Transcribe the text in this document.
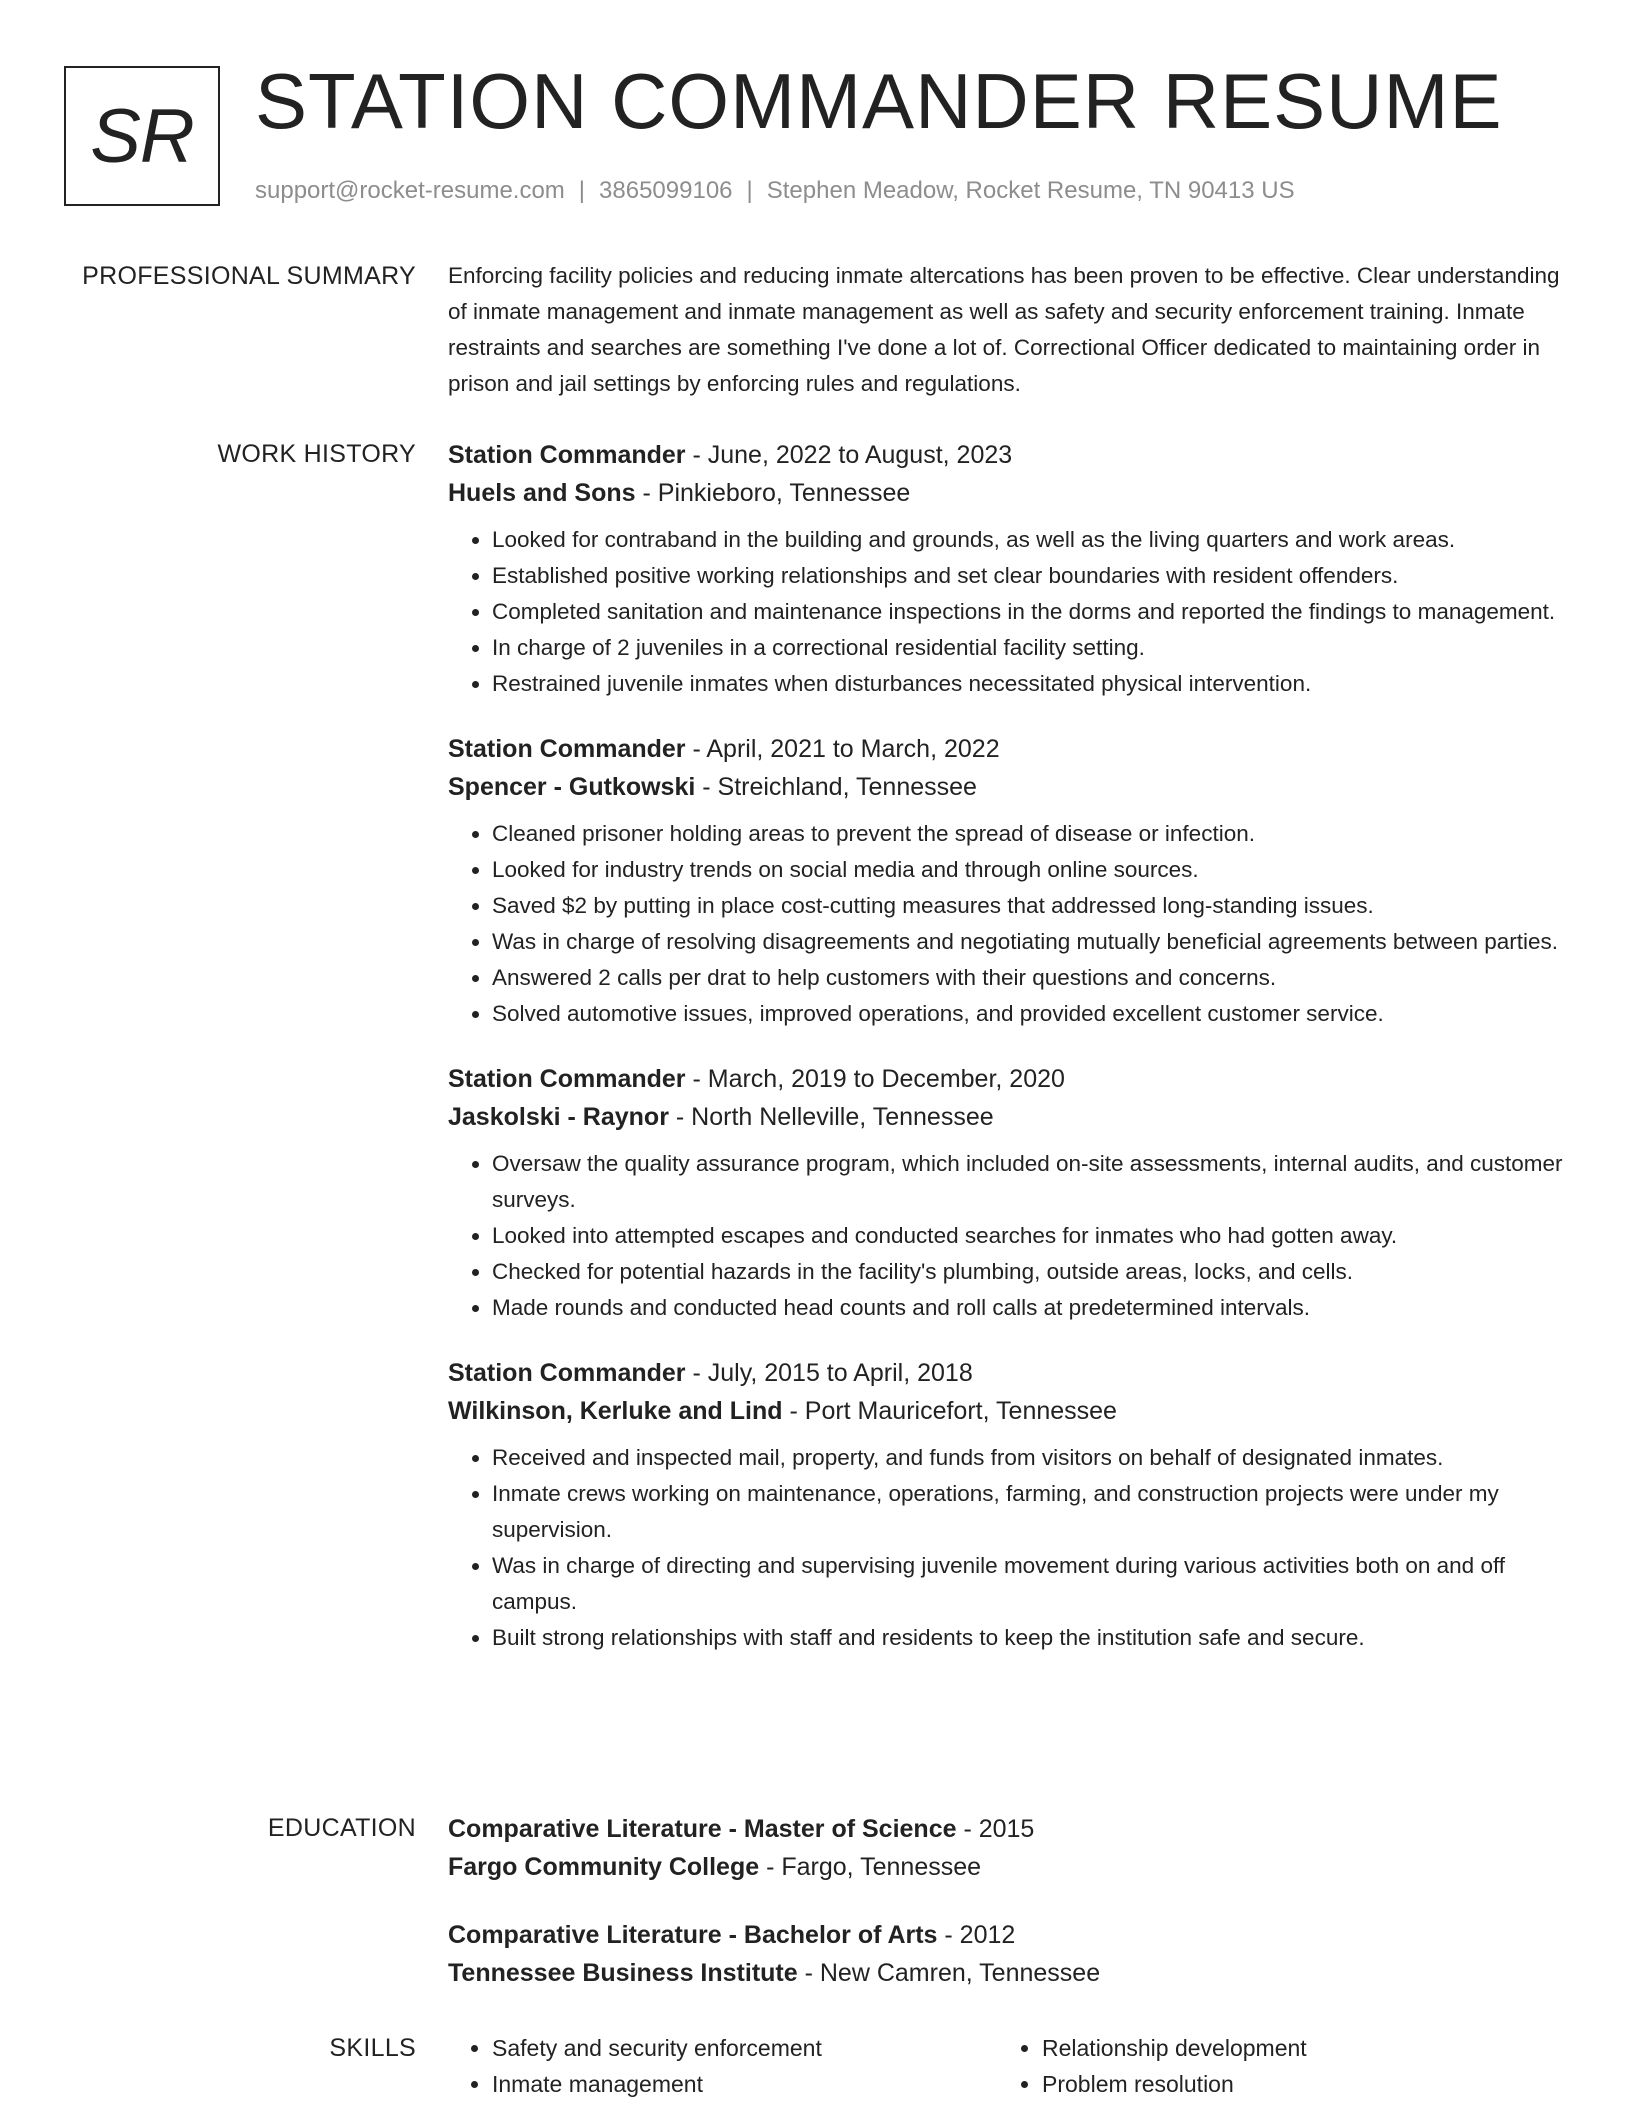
SR STATION COMMANDER RESUME
support@rocket-resume.com | 3865099106 | Stephen Meadow, Rocket Resume, TN 90413 US
PROFESSIONAL SUMMARY Enforcing facility policies and reducing inmate altercations has been proven to be effective. Clear understanding of inmate management and inmate management as well as safety and security enforcement training. Inmate restraints and searches are something I've done a lot of. Correctional Officer dedicated to maintaining order in prison and jail settings by enforcing rules and regulations.

WORK HISTORY Station Commander - June, 2022 to August, 2023
Huels and Sons - Pinkieboro, Tennessee
• Looked for contraband in the building and grounds, as well as the living quarters and work areas.
• Established positive working relationships and set clear boundaries with resident offenders.
• Completed sanitation and maintenance inspections in the dorms and reported the findings to management.
• In charge of 2 juveniles in a correctional residential facility setting.
• Restrained juvenile inmates when disturbances necessitated physical intervention.
Station Commander - April, 2021 to March, 2022
Spencer - Gutkowski - Streichland, Tennessee
• Cleaned prisoner holding areas to prevent the spread of disease or infection.
• Looked for industry trends on social media and through online sources.
• Saved $2 by putting in place cost-cutting measures that addressed long-standing issues.
• Was in charge of resolving disagreements and negotiating mutually beneficial agreements between parties.
• Answered 2 calls per drat to help customers with their questions and concerns.
• Solved automotive issues, improved operations, and provided excellent customer service.
Station Commander - March, 2019 to December, 2020
Jaskolski - Raynor - North Nelleville, Tennessee
• Oversaw the quality assurance program, which included on-site assessments, internal audits, and customer surveys.
• Looked into attempted escapes and conducted searches for inmates who had gotten away.
• Checked for potential hazards in the facility's plumbing, outside areas, locks, and cells.
• Made rounds and conducted head counts and roll calls at predetermined intervals.
Station Commander - July, 2015 to April, 2018
Wilkinson, Kerluke and Lind - Port Mauricefort, Tennessee
• Received and inspected mail, property, and funds from visitors on behalf of designated inmates.
• Inmate crews working on maintenance, operations, farming, and construction projects were under my supervision.
• Was in charge of directing and supervising juvenile movement during various activities both on and off campus.
• Built strong relationships with staff and residents to keep the institution safe and secure.
EDUCATION Comparative Literature - Master of Science - 2015
Fargo Community College - Fargo, Tennessee
Comparative Literature - Bachelor of Arts - 2012
Tennessee Business Institute - New Camren, Tennessee
SKILLS
•	Safety and security enforcement
• Inmate management
• Relationship development
• Problem resolution
